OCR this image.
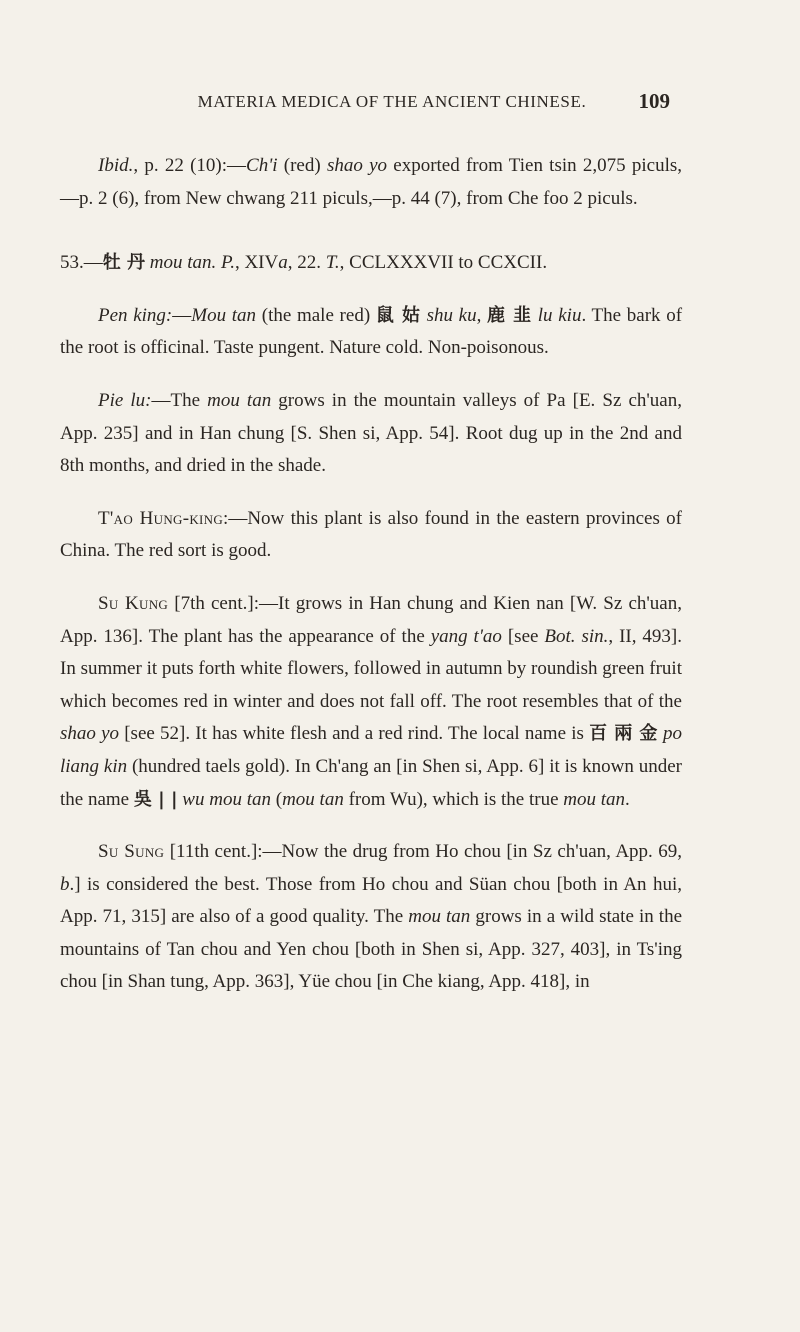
MATERIA MEDICA OF THE ANCIENT CHINESE.	109

Ibid., p. 22 (10):—Ch'i (red) shao yo exported from Tien tsin 2,075 piculs,—p. 2 (6), from New chwang 211 piculs,—p. 44 (7), from Che foo 2 piculs.

53.—牡 丹 mou tan. P., XIVa, 22. T., CCLXXXVII to CCXCII.

Pen king:—Mou tan (the male red) 鼠 姑 shu ku, 鹿 韭 lu kiu. The bark of the root is officinal. Taste pungent. Nature cold. Non-poisonous.

Pie lu:—The mou tan grows in the mountain valleys of Pa [E. Sz ch'uan, App. 235] and in Han chung [S. Shen si, App. 54]. Root dug up in the 2nd and 8th months, and dried in the shade.

T'ao Hung-king:—Now this plant is also found in the eastern provinces of China. The red sort is good.

Su Kung [7th cent.]:—It grows in Han chung and Kien nan [W. Sz ch'uan, App. 136]. The plant has the appearance of the yang t'ao [see Bot. sin., II, 493]. In summer it puts forth white flowers, followed in autumn by roundish green fruit which becomes red in winter and does not fall off. The root resembles that of the shao yo [see 52]. It has white flesh and a red rind. The local name is 百 兩 金 po liang kin (hundred taels gold). In Ch'ang an [in Shen si, App. 6] it is known under the name 吳 | | wu mou tan (mou tan from Wu), which is the true mou tan.

Su Sung [11th cent.]:—Now the drug from Ho chou [in Sz ch'uan, App. 69, b.] is considered the best. Those from Ho chou and Süan chou [both in An hui, App. 71, 315] are also of a good quality. The mou tan grows in a wild state in the mountains of Tan chou and Yen chou [both in Shen si, App. 327, 403], in Ts'ing chou [in Shan tung, App. 363], Yüe chou [in Che kiang, App. 418], in
